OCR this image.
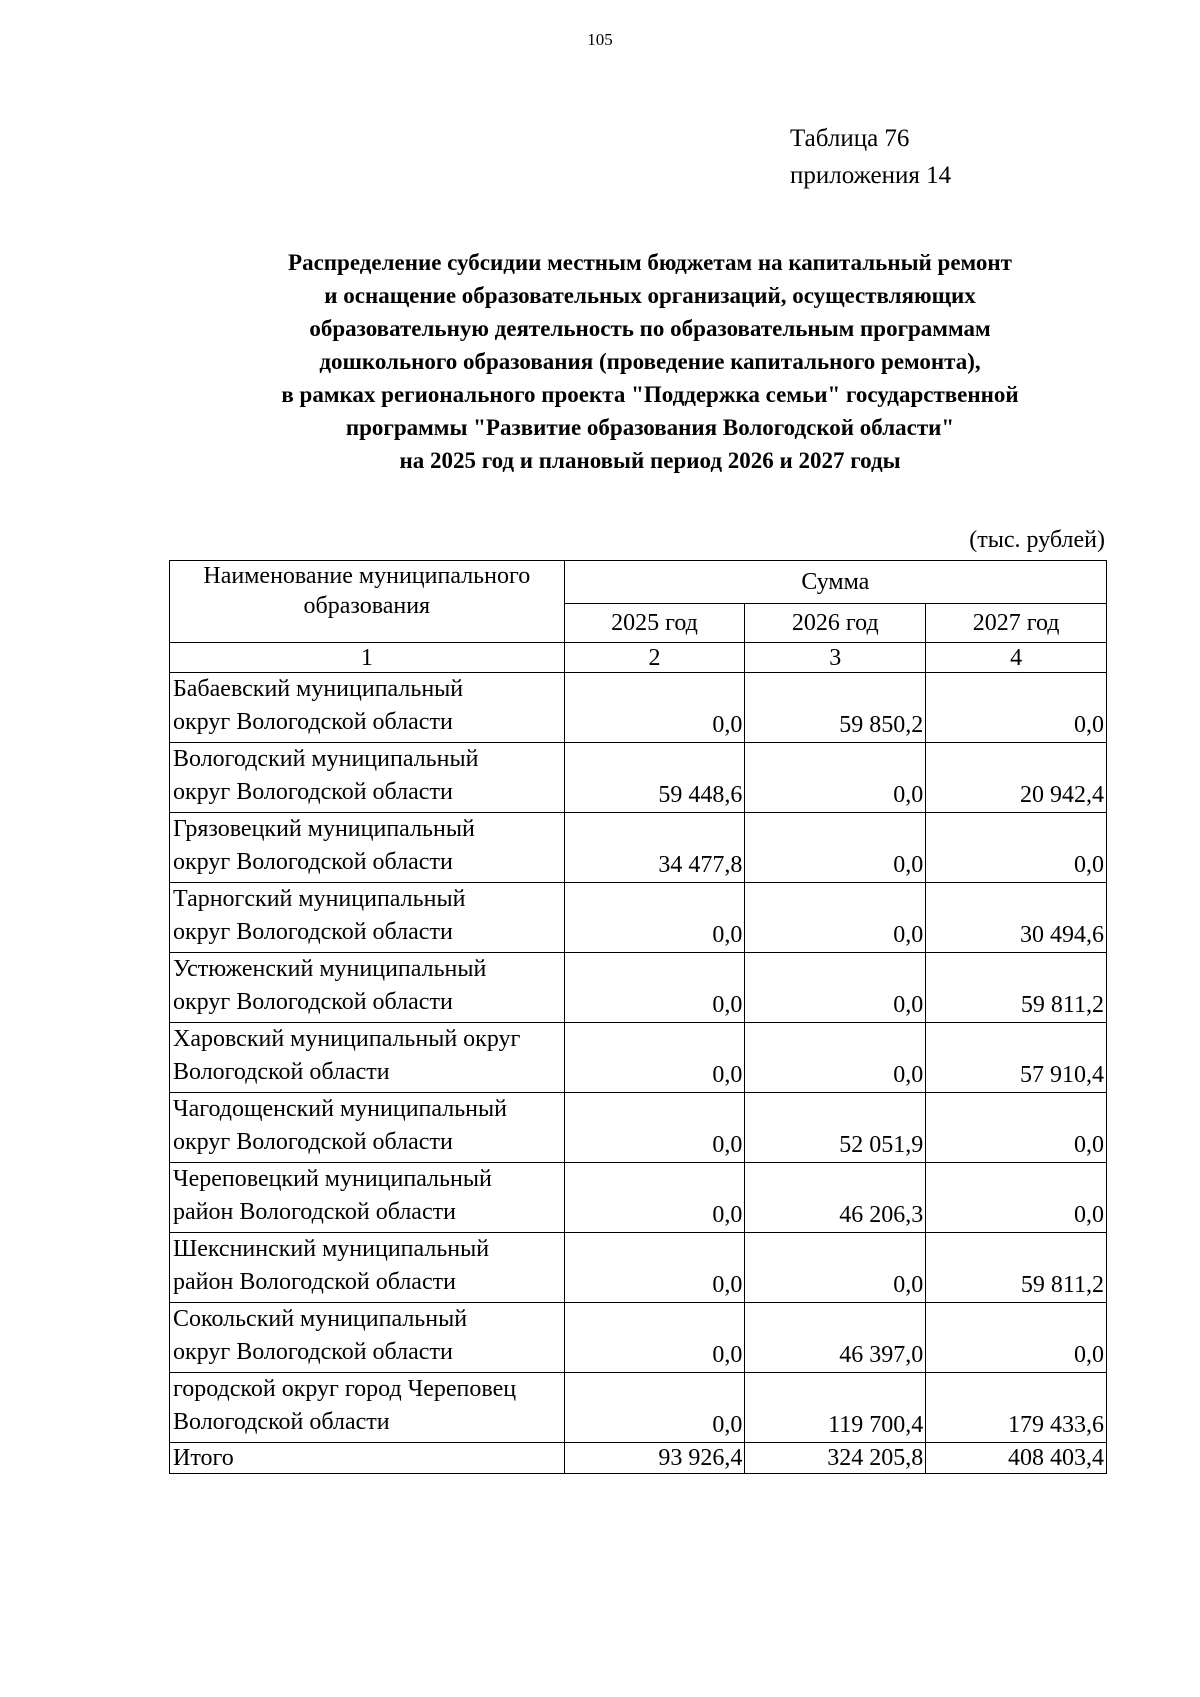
105
Таблица 76
приложения 14
Распределение субсидии местным бюджетам на капитальный ремонт
и оснащение образовательных организаций, осуществляющих
образовательную деятельность по образовательным программам
дошкольного образования (проведение капитального ремонта),
в рамках регионального проекта "Поддержка семьи" государственной
программы "Развитие образования Вологодской области"
на 2025 год и плановый период 2026 и 2027 годы
(тыс. рублей)
Наименование муниципального образования	Сумма		
	2025 год	2026 год	2027 год
1	2	3	4

Бабаевский муниципальный
округ Вологодской области	0,0	59 850,2	0,0

Вологодский муниципальный
округ Вологодской области	59 448,6	0,0	20 942,4

Грязовецкий муниципальный
округ Вологодской области	34 477,8	0,0	0,0

Тарногский муниципальный
округ Вологодской области	0,0	0,0	30 494,6

Устюженский муниципальный
округ Вологодской области	0,0	0,0	59 811,2

Харовский муниципальный округ
Вологодской области	0,0	0,0	57 910,4

Чагодощенский муниципальный
округ Вологодской области	0,0	52 051,9	0,0

Череповецкий муниципальный
район Вологодской области	0,0	46 206,3	0,0

Шекснинский муниципальный
район Вологодской области	0,0	0,0	59 811,2

Сокольский муниципальный
округ Вологодской области	0,0	46 397,0	0,0

городской округ город Череповец
Вологодской области	0,0	119 700,4	179 433,6
Итого	93 926,4	324 205,8	408 403,4
